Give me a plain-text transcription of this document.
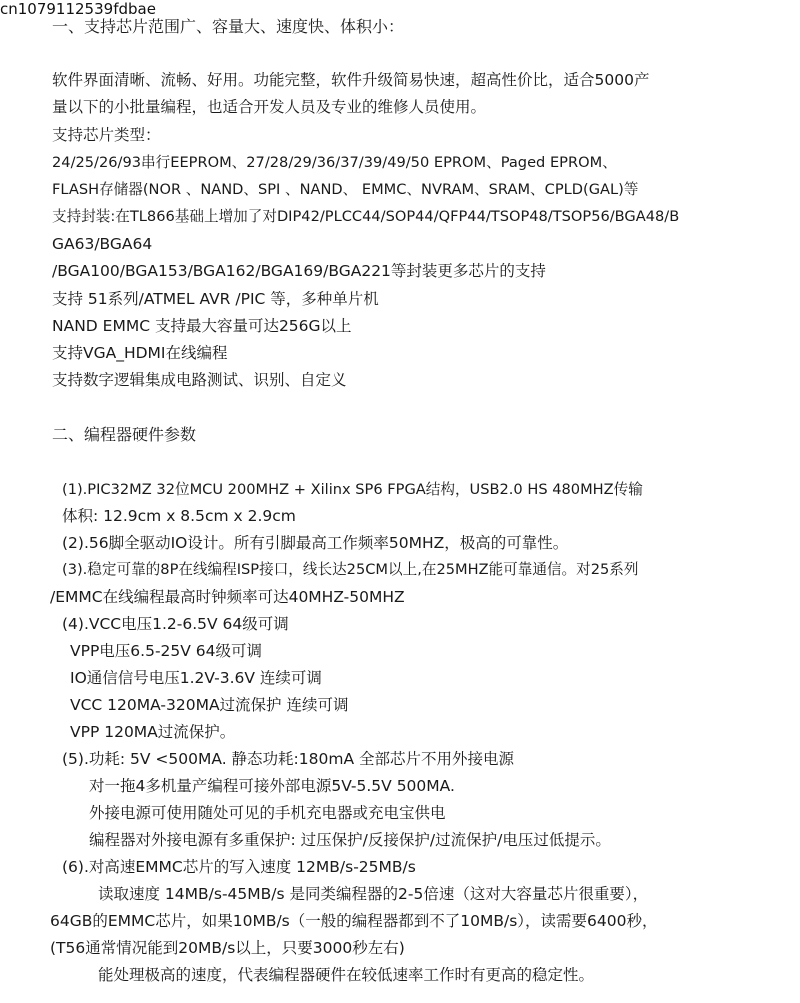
cn1079112539fdbae
一、支持芯片范围广、容量大、速度快、体积小：
软件界面清晰、流畅、好用。功能完整，软件升级简易快速，超高性价比，适合5000产
量以下的小批量编程，也适合开发人员及专业的维修人员使用。
支持芯片类型：
24/25/26/93串行EEPROM、27/28/29/36/37/39/49/50 EPROM、Paged EPROM、
FLASH存储器(NOR 、NAND、SPI 、NAND、 EMMC、NVRAM、SRAM、CPLD(GAL)等
支持封装:在TL866基础上增加了对DIP42/PLCC44/SOP44/QFP44/TSOP48/TSOP56/BGA48/B
GA63/BGA64
/BGA100/BGA153/BGA162/BGA169/BGA221等封装更多芯片的支持
支持 51系列/ATMEL AVR /PIC 等，多种单片机
NAND EMMC 支持最大容量可达256G以上
支持VGA_HDMI在线编程
支持数字逻辑集成电路测试、识别、自定义
二、编程器硬件参数
(1).PIC32MZ 32位MCU 200MHZ + Xilinx SP6 FPGA结构，USB2.0 HS 480MHZ传输
体积: 12.9cm x 8.5cm x 2.9cm
(2).56脚全驱动IO设计。所有引脚最高工作频率50MHZ，极高的可靠性。
(3).稳定可靠的8P在线编程ISP接口，线长达25CM以上,在25MHZ能可靠通信。对25系列
/EMMC在线编程最高时钟频率可达40MHZ-50MHZ
(4).VCC电压1.2-6.5V 64级可调
VPP电压6.5-25V 64级可调
IO通信信号电压1.2V-3.6V 连续可调
VCC 120MA-320MA过流保护 连续可调
VPP 120MA过流保护。
(5).功耗: 5V <500MA. 静态功耗:180mA 全部芯片不用外接电源
对一拖4多机量产编程可接外部电源5V-5.5V 500MA.
外接电源可使用随处可见的手机充电器或充电宝供电
编程器对外接电源有多重保护: 过压保护/反接保护/过流保护/电压过低提示。
(6).对高速EMMC芯片的写入速度 12MB/s-25MB/s
读取速度 14MB/s-45MB/s 是同类编程器的2-5倍速（这对大容量芯片很重要），
64GB的EMMC芯片，如果10MB/s（一般的编程器都到不了10MB/s），读需要6400秒，
(T56通常情况能到20MB/s以上，只要3000秒左右)
能处理极高的速度，代表编程器硬件在较低速率工作时有更高的稳定性。
